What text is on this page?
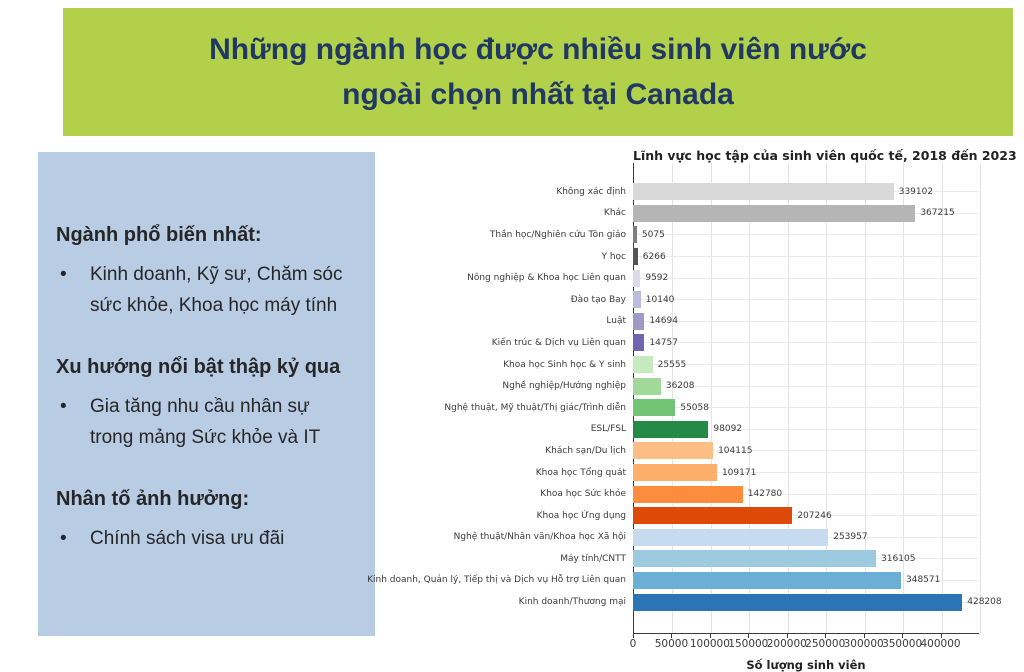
Những ngành học được nhiều sinh viên nước
ngoài chọn nhất tại Canada
Ngành phổ biến nhất:
•	Kinh doanh, Kỹ sư, Chăm sóc sức khỏe, Khoa học máy tính
Xu hướng nổi bật thập kỷ qua
•	Gia tăng nhu cầu nhân sự trong mảng Sức khỏe và IT
Nhân tố ảnh hưởng:
•	Chính sách visa ưu đãi
Lĩnh vực học tập của sinh viên quốc tế, 2018 đến 2023
Không xác định	339102
Khác	367215
Thần học/Nghiên cứu Tôn giáo 5075
Y học 6266
Nông nghiệp & Khoa học Liên quan 9592
Đào tạo Bay 10140
Luật	14694
Kiến trúc & Dịch vụ Liên quan	14757
Khoa học Sinh học & Y sinh	25555
Nghề nghiệp/Hướng nghiệp	36208
Nghệ thuật, Mỹ thuật/Thị giác/Trình diễn	55058
ESL/FSL	98092
Khách sạn/Du lịch	104115
Khoa học Tổng quát	109171
Khoa học Sức khỏe	142780
Khoa học Ứng dụng	207246
Nghệ thuật/Nhân văn/Khoa học Xã hội	253957
Máy tính/CNTT	316105
Kinh doanh, Quản lý, Tiếp thị và Dịch vụ Hỗ trợ Liên quan	348571
Kinh doanh/Thương mại	428208
0 50000 100000
150000
200000
250000
300000
350000
400000
Số lượng sinh viên
